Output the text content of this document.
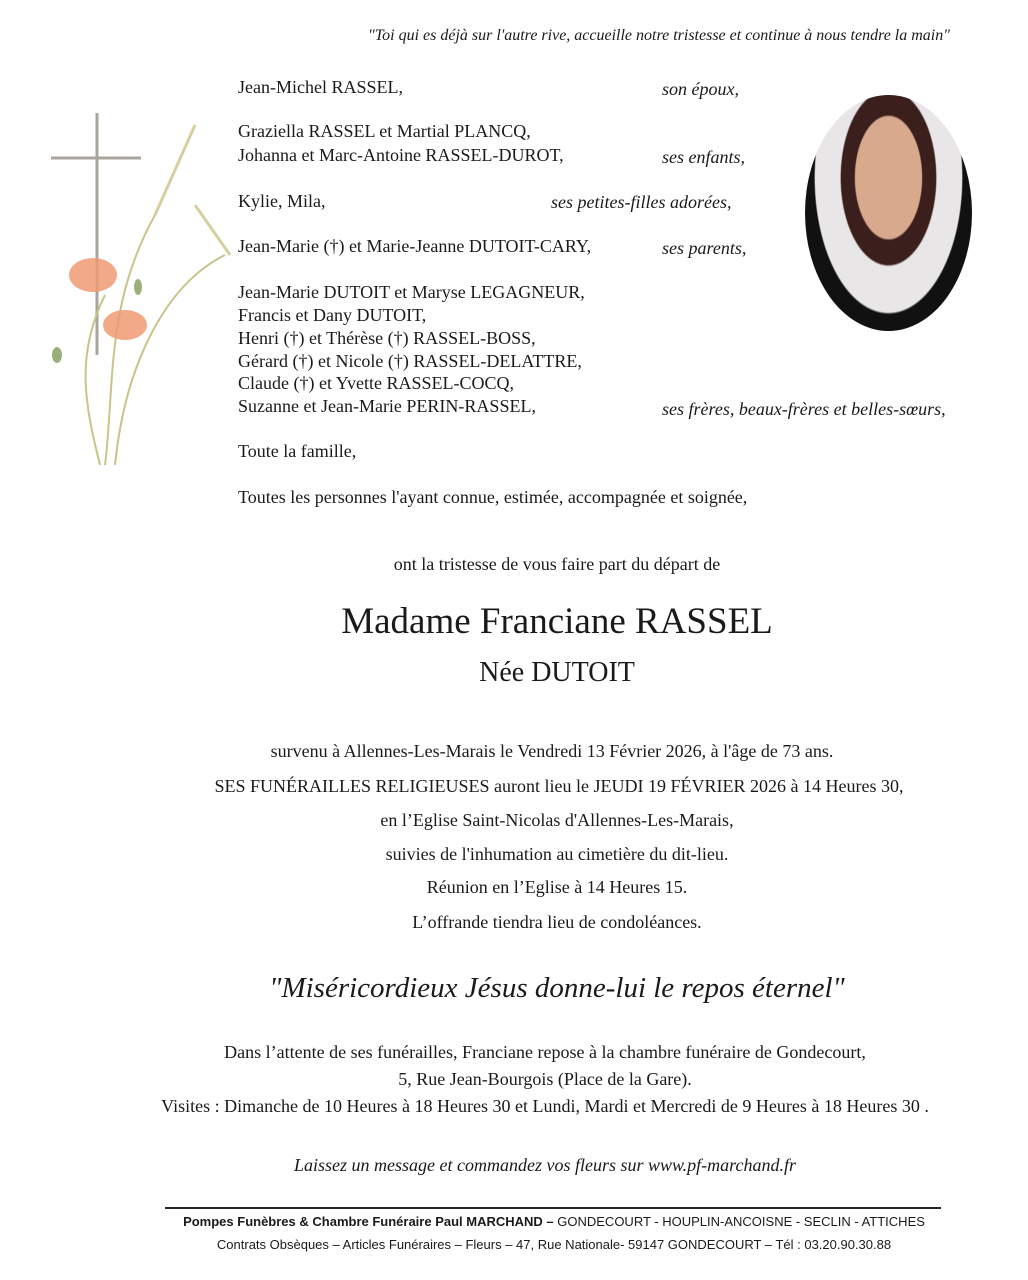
"Toi qui es déjà sur l'autre rive, accueille notre tristesse et continue à nous tendre la main"
Jean-Michel RASSEL,	son époux,
Graziella RASSEL et Martial PLANCQ,
Johanna et Marc-Antoine RASSEL-DUROT,	ses enfants,
Kylie, Mila,	ses petites-filles adorées,
Jean-Marie (†) et Marie-Jeanne DUTOIT-CARY,	ses parents,
Jean-Marie DUTOIT et Maryse LEGAGNEUR,
Francis et Dany DUTOIT,
Henri (†) et Thérèse (†) RASSEL-BOSS,
Gérard (†) et Nicole (†) RASSEL-DELATTRE,
Claude (†) et Yvette RASSEL-COCQ,
Suzanne et Jean-Marie PERIN-RASSEL,	ses frères, beaux-frères et belles-sœurs,
Toute la famille,
Toutes les personnes l'ayant connue, estimée, accompagnée et soignée,
ont la tristesse de vous faire part du départ de
Madame Franciane RASSEL
Née DUTOIT
survenu à Allennes-Les-Marais le Vendredi 13 Février 2026, à l'âge de 73 ans.
SES FUNÉRAILLES RELIGIEUSES auront lieu le JEUDI 19 FÉVRIER 2026 à 14 Heures 30,
en l’Eglise Saint-Nicolas d'Allennes-Les-Marais,
suivies de l'inhumation au cimetière du dit-lieu.
Réunion en l’Eglise à 14 Heures 15.
L’offrande tiendra lieu de condoléances.
"Miséricordieux Jésus donne-lui le repos éternel"
Dans l’attente de ses funérailles, Franciane repose à la chambre funéraire de Gondecourt,
5, Rue Jean-Bourgois (Place de la Gare).
Visites : Dimanche de 10 Heures à 18 Heures 30 et Lundi, Mardi et Mercredi de 9 Heures à 18 Heures 30 .
Laissez un message et commandez vos fleurs sur www.pf-marchand.fr
Pompes Funèbres & Chambre Funéraire Paul MARCHAND – GONDECOURT - HOUPLIN-ANCOISNE - SECLIN - ATTICHES
Contrats Obsèques – Articles Funéraires – Fleurs – 47, Rue Nationale- 59147 GONDECOURT – Tél : 03.20.90.30.88
